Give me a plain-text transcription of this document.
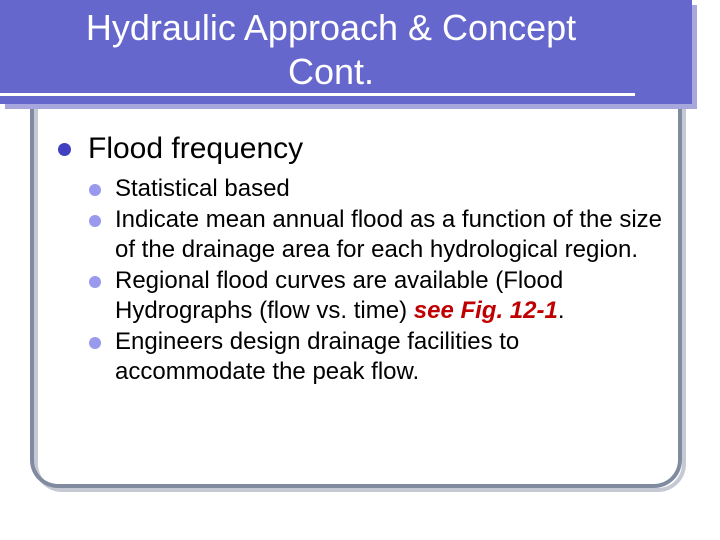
Hydraulic Approach & Concept
Cont.

Flood frequency

Statistical based

Indicate mean annual flood as a function of the size of the drainage area for each hydrological region.

Regional flood curves are available (Flood Hydrographs (flow vs. time) see Fig. 12-1.

Engineers design drainage facilities to accommodate the peak flow.
